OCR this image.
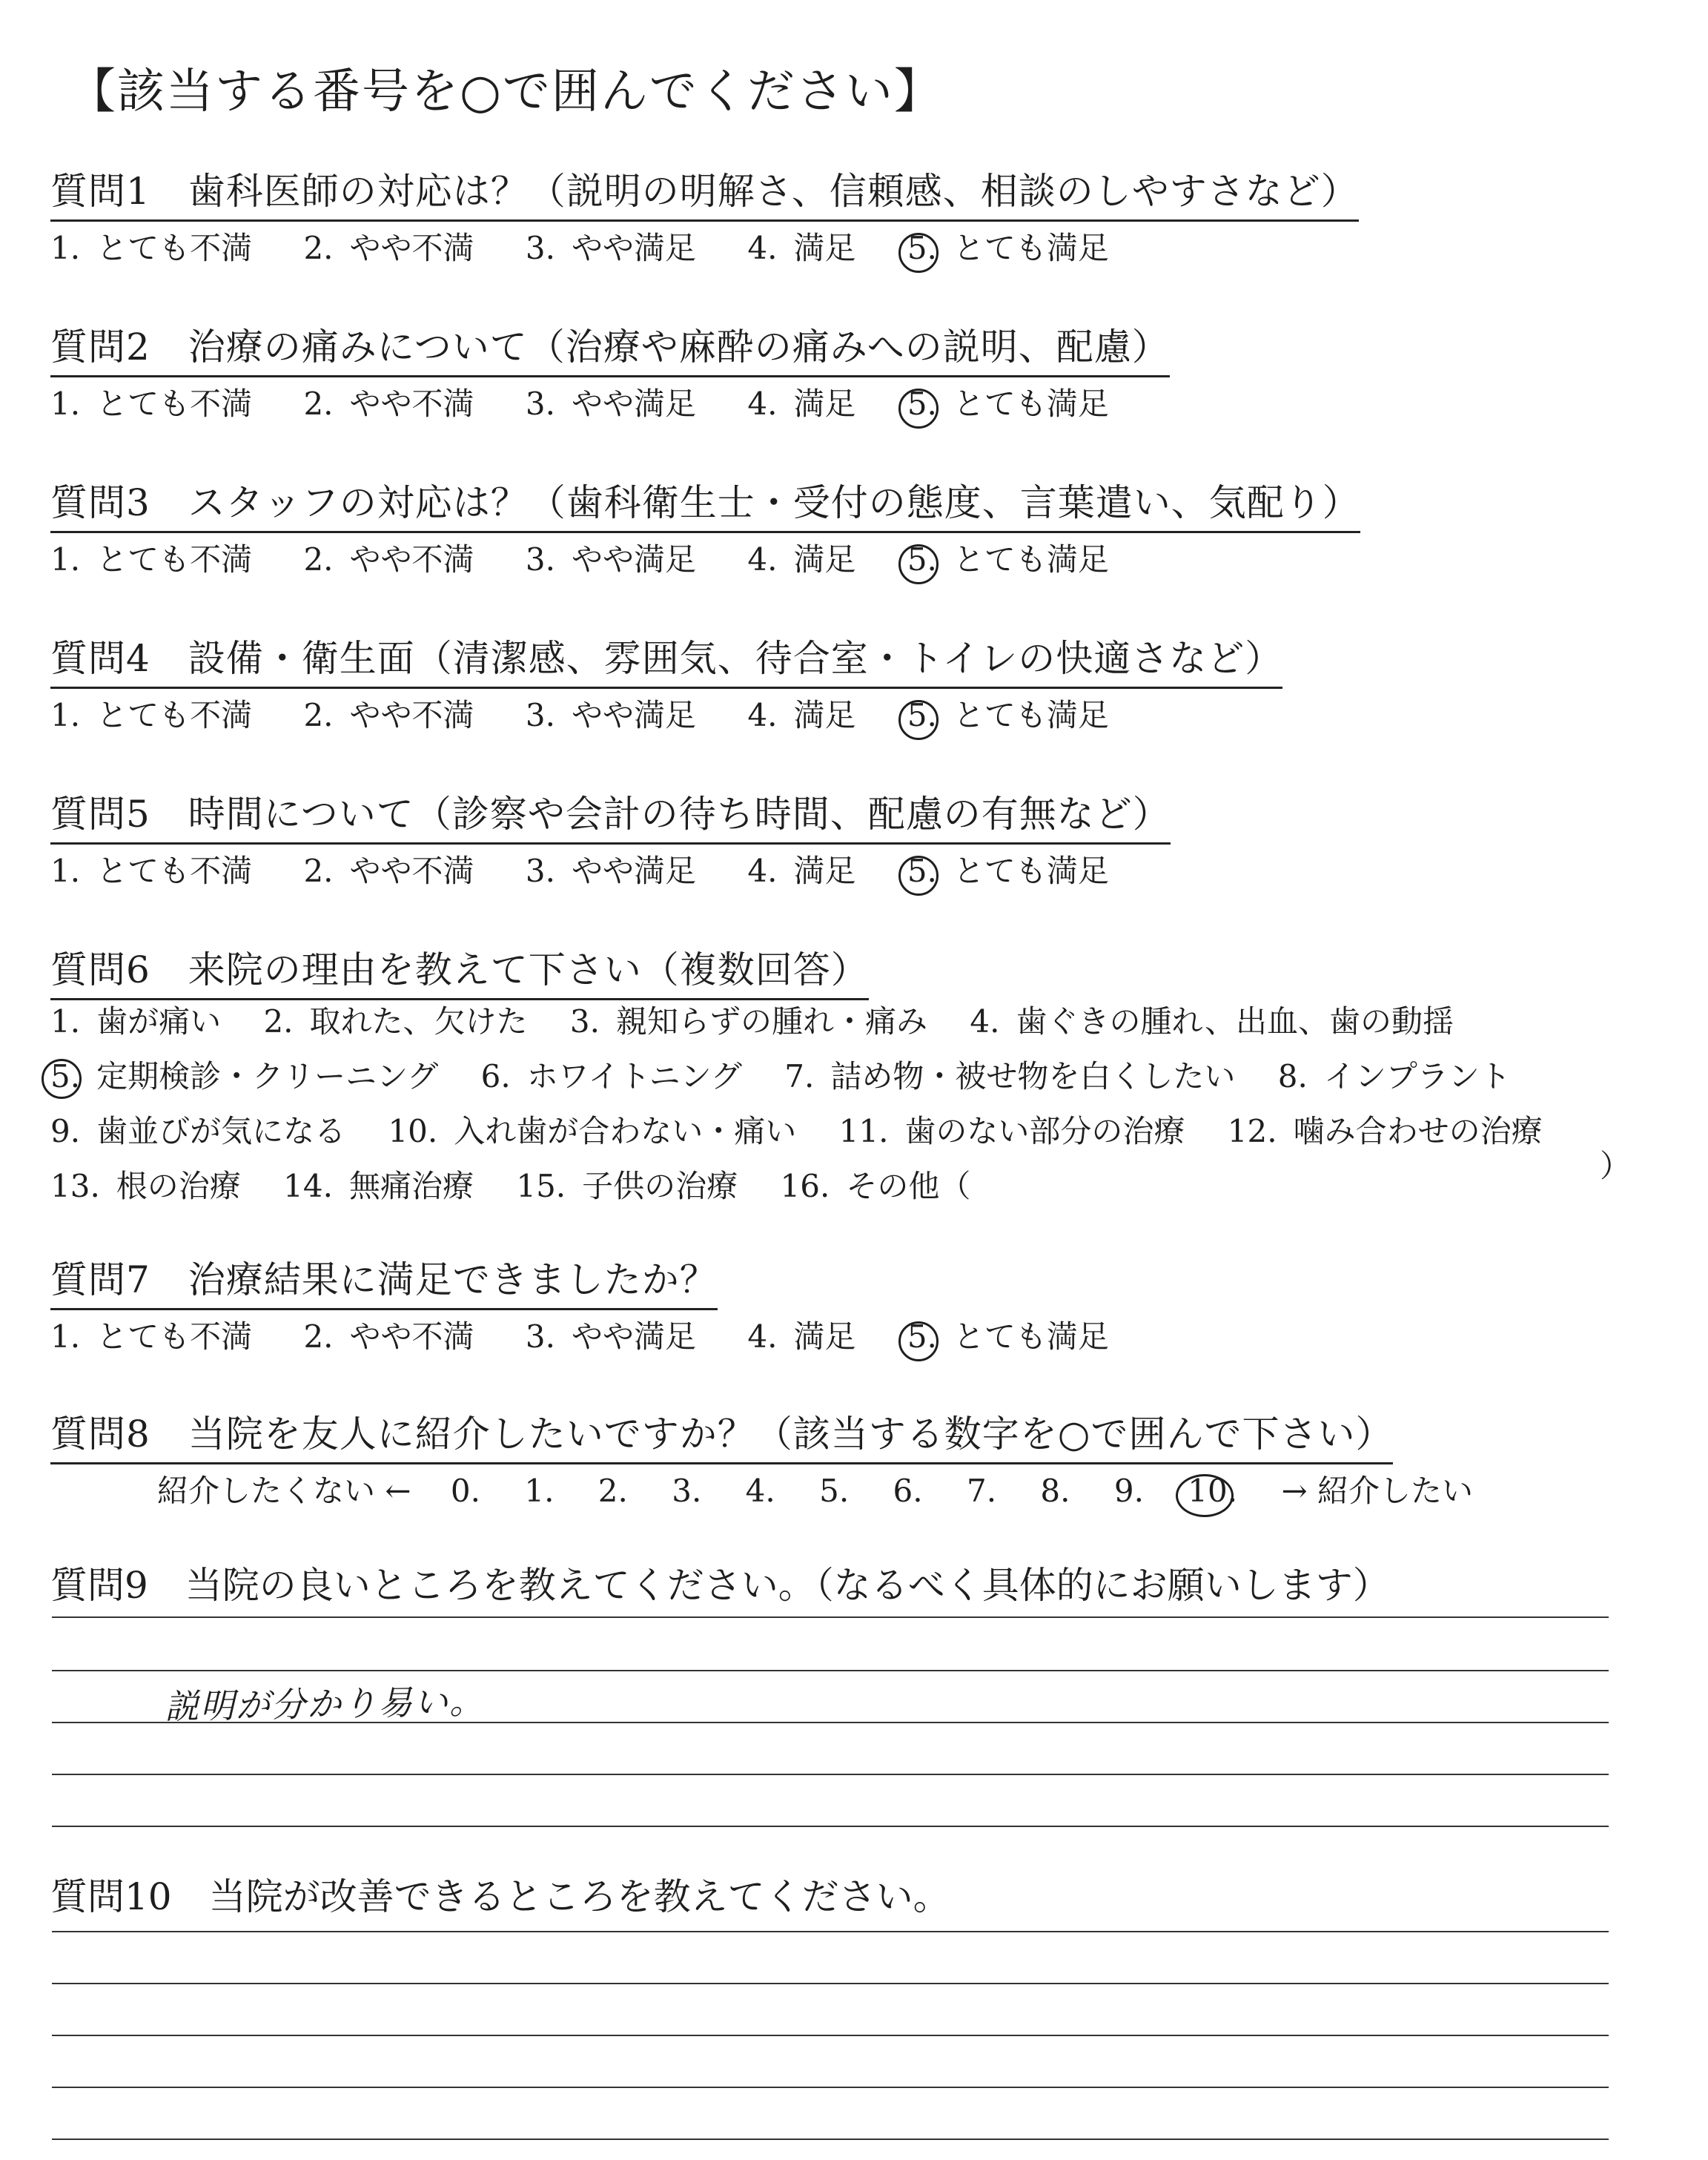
【該当する番号を○で囲んでください】
質問1　歯科医師の対応は？（説明の明解さ、信頼感、相談のしやすさなど）
1. とても不満 2. やや不満 3. やや満足 4. 満足 5. とても満足
質問2　治療の痛みについて（治療や麻酔の痛みへの説明、配慮）
1. とても不満 2. やや不満 3. やや満足 4. 満足 5. とても満足
質問3　スタッフの対応は？（歯科衛生士・受付の態度、言葉遣い、気配り）
1. とても不満 2. やや不満 3. やや満足 4. 満足 5. とても満足
質問4　設備・衛生面（清潔感、雰囲気、待合室・トイレの快適さなど）
1. とても不満 2. やや不満 3. やや満足 4. 満足 5. とても満足
質問5　時間について（診察や会計の待ち時間、配慮の有無など）
1. とても不満 2. やや不満 3. やや満足 4. 満足 5. とても満足
質問6　来院の理由を教えて下さい（複数回答）
1. 歯が痛い 2. 取れた、欠けた 3. 親知らずの腫れ・痛み 4. 歯ぐきの腫れ、出血、歯の動揺
5. 定期検診・クリーニング 6. ホワイトニング 7. 詰め物・被せ物を白くしたい 8. インプラント
9. 歯並びが気になる 10. 入れ歯が合わない・痛い 11. 歯のない部分の治療 12. 噛み合わせの治療
13. 根の治療 14. 無痛治療 15. 子供の治療 16. その他（
）
質問7　治療結果に満足できましたか？
1. とても不満 2. やや不満 3. やや満足 4. 満足 5. とても満足
質問8　当院を友人に紹介したいですか？（該当する数字を○で囲んで下さい）
紹介したくない ← 0. 1. 2. 3. 4. 5. 6. 7. 8. 9. 10. → 紹介したい
質問9　当院の良いところを教えてください。（なるべく具体的にお願いします）
説明が分かり易い。
質問10　当院が改善できるところを教えてください。
